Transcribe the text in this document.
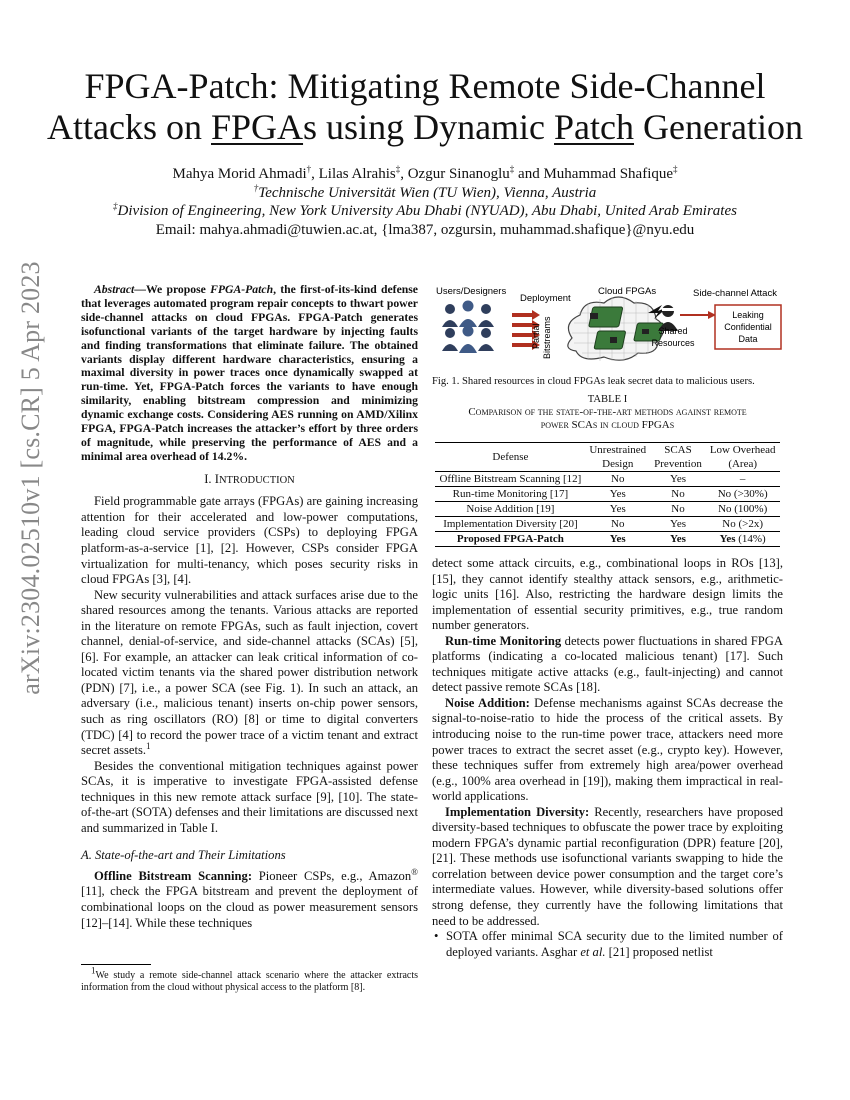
arXiv:2304.02510v1 [cs.CR] 5 Apr 2023
FPGA-Patch: Mitigating Remote Side-Channel
Attacks on FPGAs using Dynamic Patch Generation
Mahya Morid Ahmadi†, Lilas Alrahis‡, Ozgur Sinanoglu‡ and Muhammad Shafique‡
†Technische Universität Wien (TU Wien), Vienna, Austria
‡Division of Engineering, New York University Abu Dhabi (NYUAD), Abu Dhabi, United Arab Emirates
Email: mahya.ahmadi@tuwien.ac.at, {lma387, ozgursin, muhammad.shafique}@nyu.edu

Abstract—We propose FPGA-Patch, the first-of-its-kind defense that leverages automated program repair concepts to thwart power side-channel attacks on cloud FPGAs. FPGA-Patch generates isofunctional variants of the target hardware by injecting faults and finding transformations that eliminate failure. The obtained variants display different hardware characteristics, ensuring a maximal diversity in power traces once dynamically swapped at run-time. Yet, FPGA-Patch forces the variants to have enough similarity, enabling bitstream compression and minimizing dynamic exchange costs. Considering AES running on AMD/Xilinx FPGA, FPGA-Patch increases the attacker’s effort by three orders of magnitude, while preserving the performance of AES and a minimal area overhead of 14.2%.

I. INTRODUCTION

Field programmable gate arrays (FPGAs) are gaining increasing attention for their accelerated and low-power computations, leading cloud service providers (CSPs) to deploying FPGA platform-as-a-service [1], [2]. However, CSPs consider FPGA virtualization for multi-tenancy, which poses security risks in cloud FPGAs [3], [4].

New security vulnerabilities and attack surfaces arise due to the shared resources among the tenants. Various attacks are reported in the literature on remote FPGAs, such as fault injection, covert channel, denial-of-service, and side-channel attacks (SCAs) [5], [6]. For example, an attacker can leak critical information of co-located victim tenants via the shared power distribution network (PDN) [7], i.e., a power SCA (see Fig. 1). In such an attack, an adversary (i.e., malicious tenant) inserts on-chip power sensors, such as ring oscillators (RO) [8] or time to digital converters (TDC) [4] to record the power trace of a victim tenant and extract secret assets.$^1$

Besides the conventional mitigation techniques against power SCAs, it is imperative to investigate FPGA-assisted defense techniques in this new remote attack surface [9], [10]. The state-of-the-art (SOTA) defenses and their limitations are discussed next and summarized in Table I.

A. State-of-the-art and Their Limitations

Offline Bitstream Scanning: Pioneer CSPs, e.g., Amazon® [11], check the FPGA bitstream and prevent the deployment of combinational loops on the cloud as power measurement sensors [12]–[14]. While these techniques

$^1$We study a remote side-channel attack scenario where the attacker extracts information from the cloud without physical access to the platform [8].
Users/Designers
Deployment
Partial Bitstreams
Cloud FPGAs	Side-channel Attack
Leaking
Confidential
Data
Shared
Resources
Fig. 1. Shared resources in cloud FPGAs leak secret data to malicious users.
TABLE I
Comparison of the state-of-the-art methods against remote
power SCAs in cloud FPGAs
Defense	Unrestrained	SCAS	Low Overhead
	Design	Prevention	(Area)
Offline Bitstream Scanning [12]	No	Yes	–
Run-time Monitoring [17]	Yes	No	No (>30%)
Noise Addition [19]	Yes	No	No (100%)
Implementation Diversity [20]	No	Yes	No (>2x)
Proposed FPGA-Patch	Yes	Yes	Yes (14%)

detect some attack circuits, e.g., combinational loops in ROs [13], [15], they cannot identify stealthy attack sensors, e.g., arithmetic-logic units [16]. Also, restricting the hardware design limits the implementation of essential security primitives, e.g., true random number generators.

Run-time Monitoring detects power fluctuations in shared FPGA platforms (indicating a co-located malicious tenant) [17]. Such techniques mitigate active attacks (e.g., fault-injecting) and cannot detect passive remote SCAs [18].

Noise Addition: Defense mechanisms against SCAs decrease the signal-to-noise-ratio to hide the process of the critical assets. By introducing noise to the run-time power trace, attackers need more power traces to extract the secret asset (e.g., crypto key). However, these techniques suffer from extremely high area/power overhead (e.g., 100% area overhead in [19]), making them impractical in real-world applications.

Implementation Diversity: Recently, researchers have proposed diversity-based techniques to obfuscate the power trace by exploiting modern FPGA’s dynamic partial reconfiguration (DPR) feature [20], [21]. These methods use isofunctional variants swapping to hide the correlation between device power consumption and the target core’s intermediate values. However, while diversity-based solutions offer strong defense, they currently have the following limitations that need to be addressed.

• SOTA offer minimal SCA security due to the limited number of deployed variants. Asghar et al. [21] proposed netlist
